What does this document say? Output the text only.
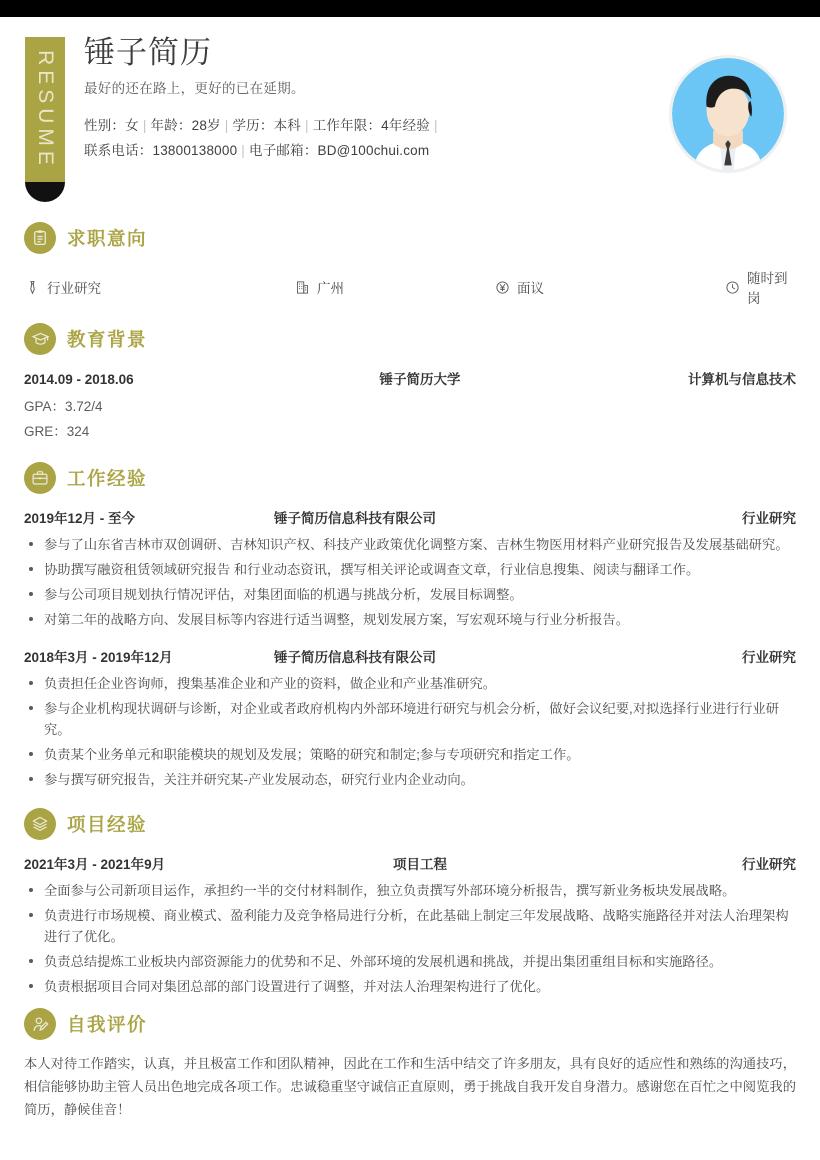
RESUME 锤子简历
最好的还在路上，更好的已在延期。
性别：女 | 年龄：28岁 | 学历：本科 | 工作年限：4年经验 |
联系电话：13800138000 | 电子邮箱：BD@100chui.com
求职意向
行业研究	广州	面议
随时到岗
教育背景
2014.09 - 2018.06	锤子简历大学	计算机与信息技术
GPA：3.72/4
GRE：324
工作经验
2019年12月 - 至今	锤子简历信息科技有限公司	行业研究
参与了山东省吉林市双创调研、吉林知识产权、科技产业政策优化调整方案、吉林生物医用材料产业研究报告及发展基础研究。
协助撰写融资租赁领域研究报告 和行业动态资讯，撰写相关评论或调查文章，行业信息搜集、阅读与翻译工作。
参与公司项目规划执行情况评估，对集团面临的机遇与挑战分析，发展目标调整。
对第二年的战略方向、发展目标等内容进行适当调整，规划发展方案，写宏观环境与行业分析报告。
2018年3月 - 2019年12月	锤子简历信息科技有限公司	行业研究
负责担任企业咨询师，搜集基准企业和产业的资料，做企业和产业基准研究。
参与企业机构现状调研与诊断，对企业或者政府机构内外部环境进行研究与机会分析，做好会议纪要,对拟选择行业进行行业研究。
负责某个业务单元和职能模块的规划及发展；策略的研究和制定;参与专项研究和指定工作。
参与撰写研究报告，关注并研究某-产业发展动态，研究行业内企业动向。
项目经验
2021年3月 - 2021年9月	项目工程	行业研究
全面参与公司新项目运作，承担约一半的交付材料制作，独立负责撰写外部环境分析报告，撰写新业务板块发展战略。
负责进行市场规模、商业模式、盈利能力及竞争格局进行分析，在此基础上制定三年发展战略、战略实施路径并对法人治理架构进行了优化。
负责总结提炼工业板块内部资源能力的优势和不足、外部环境的发展机遇和挑战，并提出集团重组目标和实施路径。
负责根据项目合同对集团总部的部门设置进行了调整，并对法人治理架构进行了优化。
自我评价
本人对待工作踏实，认真，并且极富工作和团队精神，因此在工作和生活中结交了许多朋友，具有良好的适应性和熟练的沟通技巧，相信能够协助主管人员出色地完成各项工作。忠诚稳重坚守诚信正直原则，勇于挑战自我开发自身潜力。感谢您在百忙之中阅览我的简历，静候佳音！
